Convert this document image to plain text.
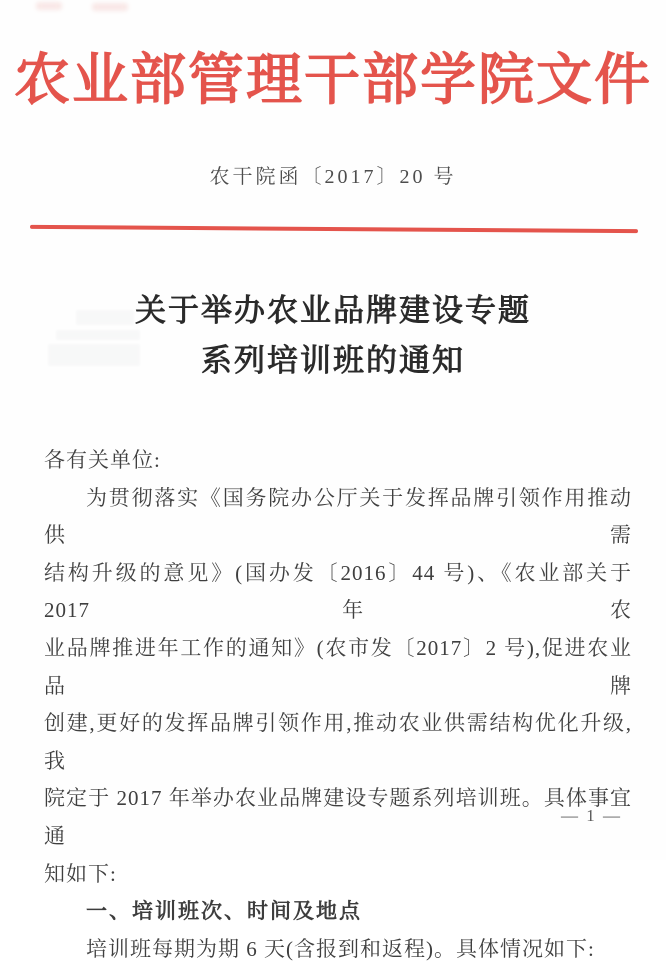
农业部管理干部学院文件
农干院函〔2017〕20 号
关于举办农业品牌建设专题
系列培训班的通知
各有关单位:
为贯彻落实《国务院办公厅关于发挥品牌引领作用推动供需
结构升级的意见》(国办发〔2016〕44 号)、《农业部关于 2017 年农
业品牌推进年工作的通知》(农市发〔2017〕2 号),促进农业品牌
创建,更好的发挥品牌引领作用,推动农业供需结构优化升级,我
院定于 2017 年举办农业品牌建设专题系列培训班。具体事宜通
知如下:
一、培训班次、时间及地点
培训班每期为期 6 天(含报到和返程)。具体情况如下:
— 1 —
